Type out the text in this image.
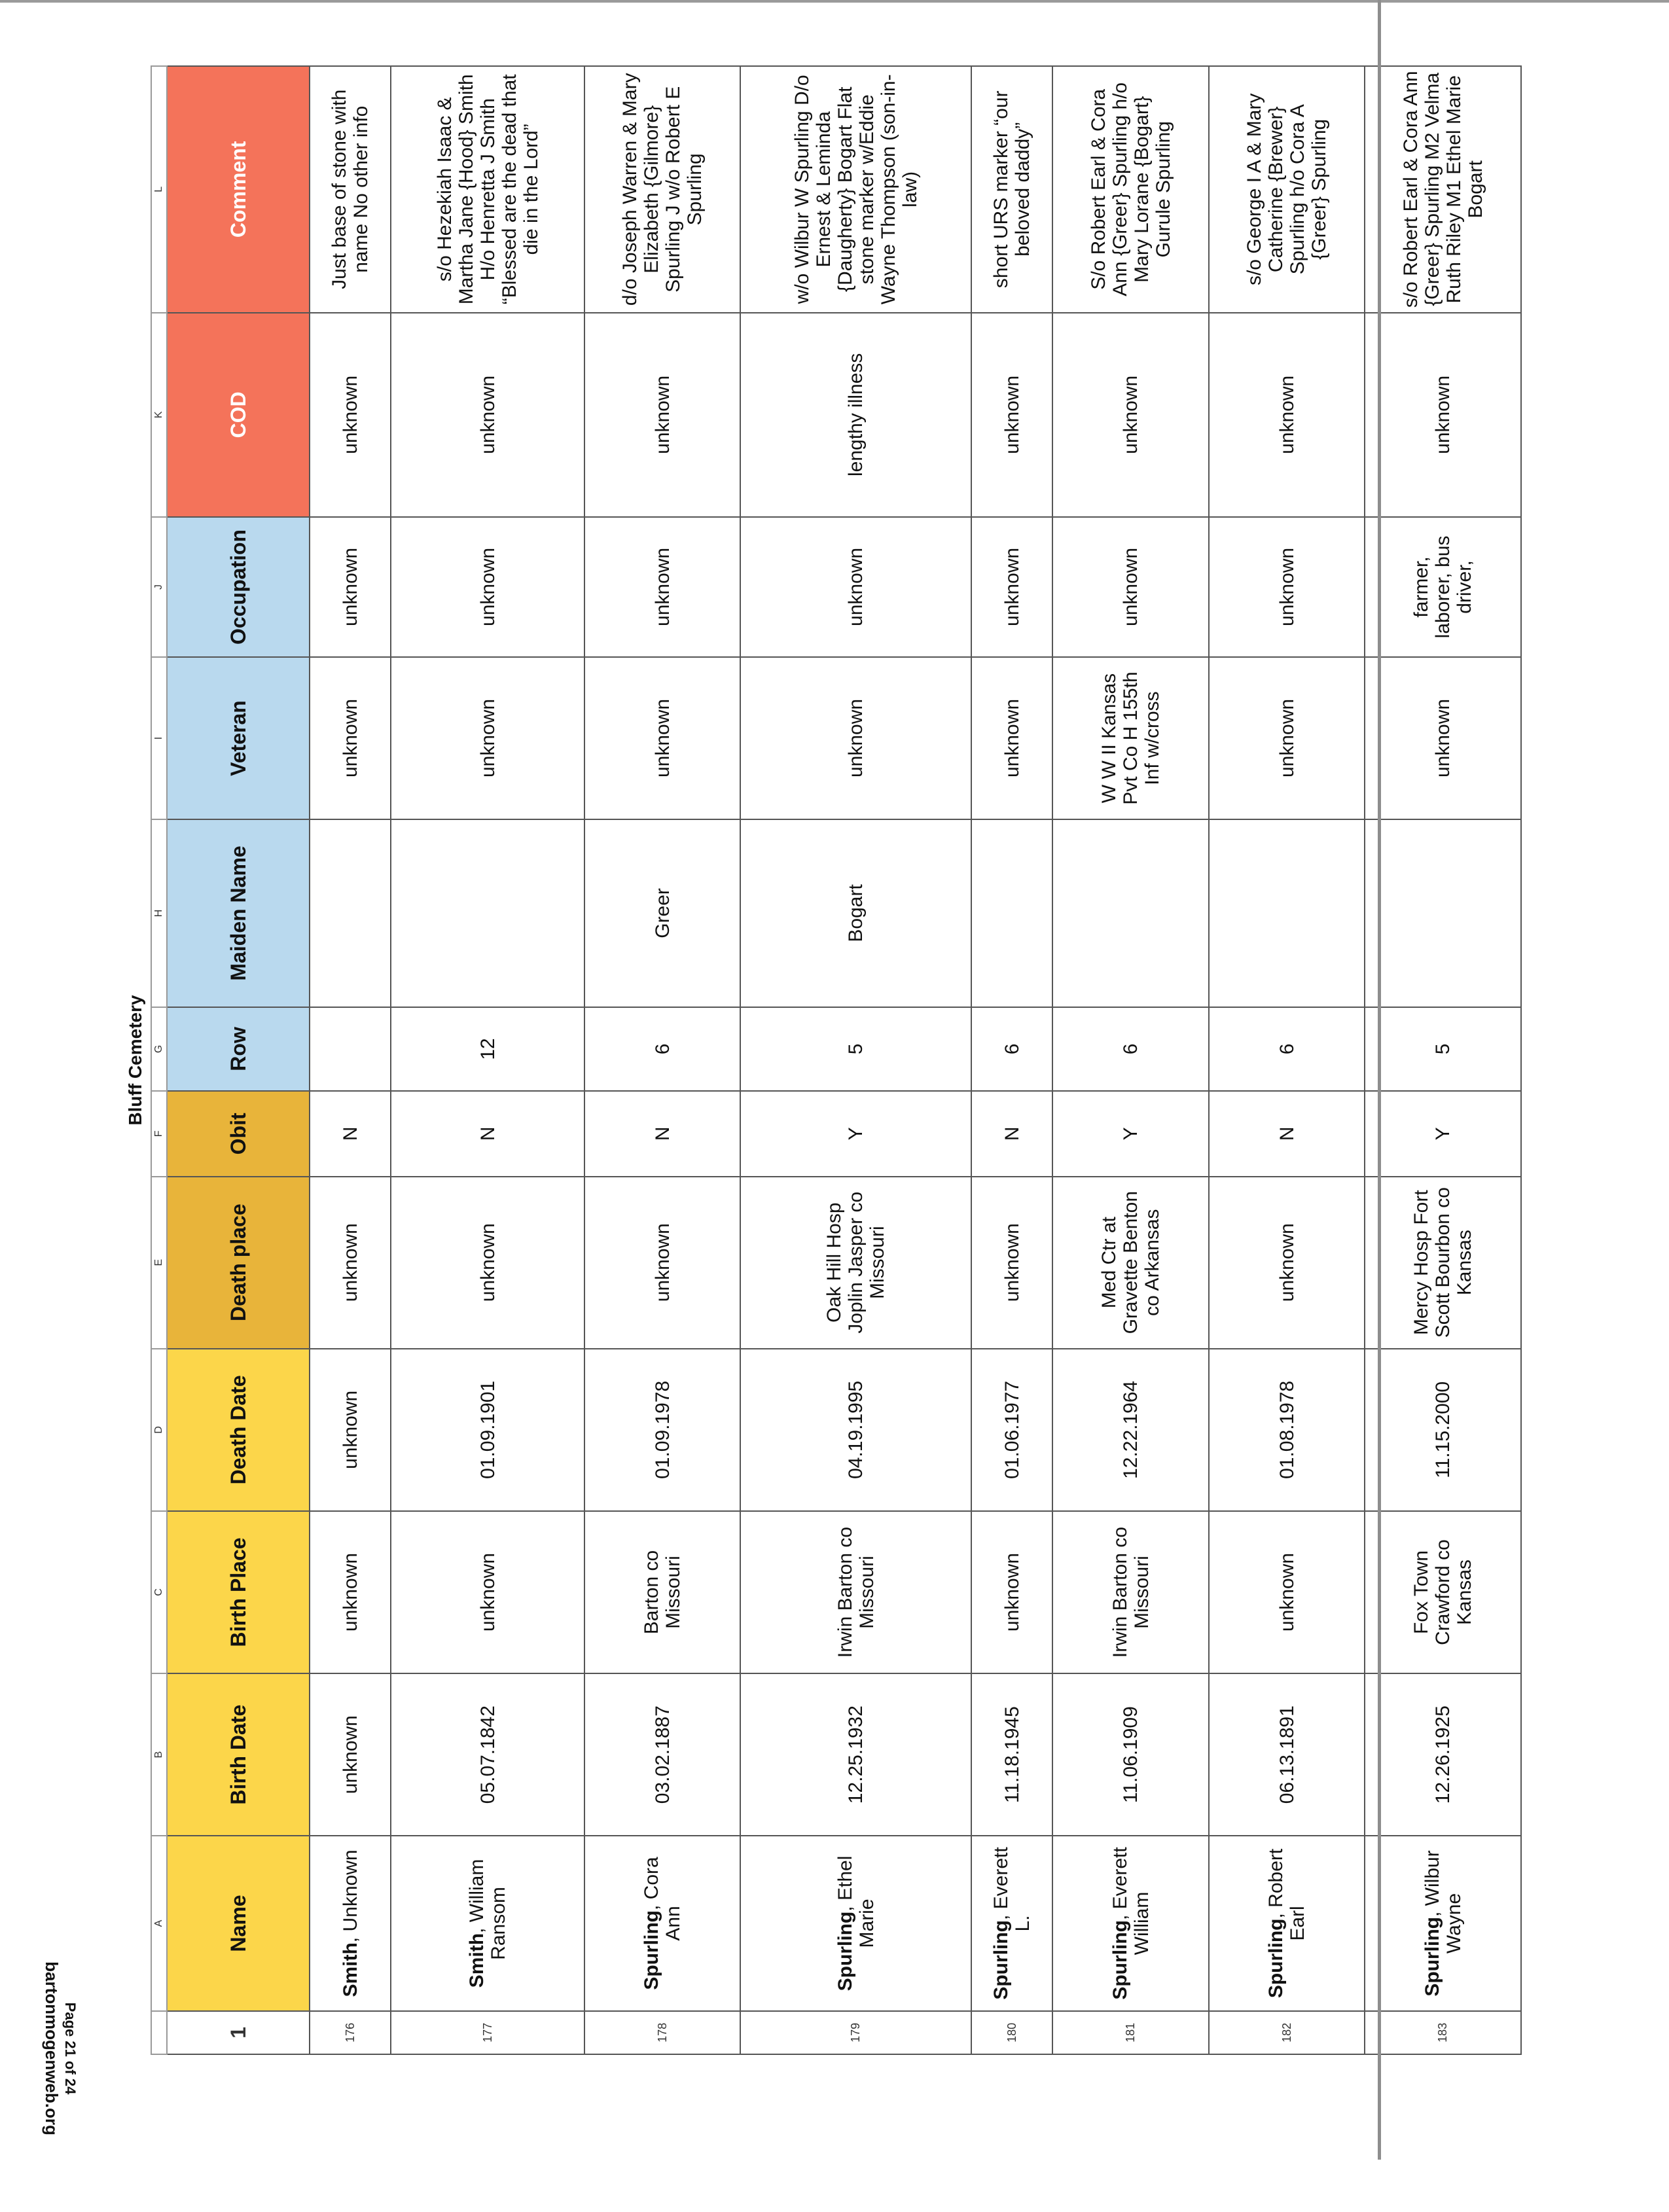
Bluff Cemetery
	A	B	C	D	E	F	G	H	I	J	K	L
1	Name	Birth Date	Birth Place	Death Date	Death place	Obit	Row	Maiden Name	Veteran	Occupation	COD	Comment
176	Smith, Unknown	unknown	unknown	unknown	unknown	N			unknown	unknown	unknown	Just base of stone with name No other info
177	Smith, William Ransom	05.07.1842	unknown	01.09.1901	unknown	N	12		unknown	unknown	unknown	s/o Hezekiah Isaac & Martha Jane {Hood} Smith H/o Henretta J Smith “Blessed are the dead that die in the Lord”
178	Spurling, Cora Ann	03.02.1887	Barton co Missouri	01.09.1978	unknown	N	6	Greer	unknown	unknown	unknown	d/o Joseph Warren & Mary Elizabeth {Gilmore} Spurling J w/o Robert E Spurling
179	Spurling, Ethel Marie	12.25.1932	Irwin Barton co Missouri	04.19.1995	Oak Hill Hosp Joplin Jasper co Missouri	Y	5	Bogart	unknown	unknown	lengthy illness	w/o Wilbur W Spurling D/o Ernest & Leminda {Daugherty} Bogart Flat stone marker w/Eddie Wayne Thompson (son-in-law)
180	Spurling, Everett L.	11.18.1945	unknown	01.06.1977	unknown	N	6		unknown	unknown	unknown	short URS marker “our beloved daddy”
181	Spurling, Everett William	11.06.1909	Irwin Barton co Missouri	12.22.1964	Med Ctr at Gravette Benton co Arkansas	Y	6		W W II Kansas Pvt Co H 155th Inf w/cross	unknown	unknown	S/o Robert Earl & Cora Ann {Greer} Spurling h/o Mary Lorane {Bogart} Gurule Spurling
182	Spurling, Robert Earl	06.13.1891	unknown	01.08.1978	unknown	N	6		unknown	unknown	unknown	s/o George I A & Mary Catherine {Brewer} Spurling h/o Cora A {Greer} Spurling
183	Spurling, Wilbur Wayne	12.26.1925	Fox Town Crawford co Kansas	11.15.2000	Mercy Hosp Fort Scott Bourbon co Kansas	Y	5		unknown	farmer, laborer, bus driver,	unknown	s/o Robert Earl & Cora Ann {Greer} Spurling M2 Velma Ruth Riley M1 Ethel Marie Bogart
Page 21 of 24
bartonmogenweb.org
